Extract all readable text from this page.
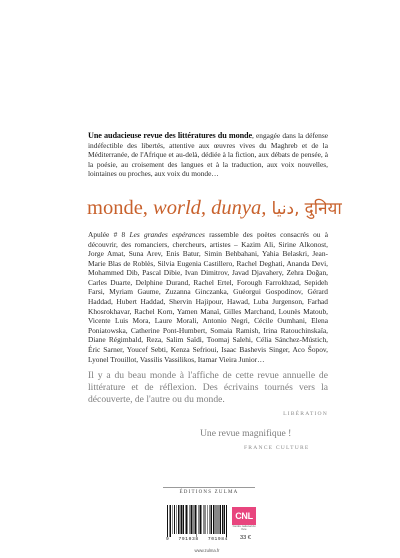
Une audacieuse revue des littératures du monde, engagée dans la défense indéfectible des libertés, attentive aux œuvres vives du Maghreb et de la Méditerranée, de l'Afrique et au-delà, dédiée à la fiction, aux débats de pensée, à la poésie, au croisement des langues et à la traduction, aux voix nouvelles, lointaines ou proches, aux voix du monde…

monde, world, dunya, دنيا, दुनिया

Apulée # 8 Les grandes espérances rassemble des poètes consacrés ou à découvrir, des romanciers, chercheurs, artistes – Kazim Ali, Sirine Alkonost, Jorge Amat, Suna Arev, Enis Batur, Simin Behbahani, Yahia Belaskri, Jean-Marie Blas de Roblès, Silvia Eugenia Castillero, Rachel Deghati, Ananda Devi, Mohammed Dib, Pascal Dibie, Ivan Dimitrov, Javad Djavahery, Zehra Doğan, Carles Duarte, Delphine Durand, Rachel Ertel, Forough Farrokhzad, Sepideh Farsi, Myriam Gaume, Zuzanna Ginczanka, Guéorgui Gospodinov, Gérard Haddad, Hubert Haddad, Shervin Hajipour, Hawad, Luba Jurgenson, Farhad Khosrokhavar, Rachel Korn, Yamen Manaï, Gilles Marchand, Lounès Matoub, Vicente Luis Mora, Laure Morali, Antonio Negri, Cécile Oumhani, Elena Poniatowska, Catherine Pont-Humbert, Somaia Ramish, Irina Ratouchinskaïa, Diane Régimbald, Reza, Salim Saïdi, Toomaj Salehi, Célia Sánchez-Mústich, Éric Sarner, Youcef Sebti, Kenza Sefrioui, Isaac Bashevis Singer, Aco Šopov, Lyonel Trouillot, Vassilis Vassilikos, Itamar Vieira Junior…

Il y a du beau monde à l'affiche de cette revue annuelle de littérature et de réflexion. Des écrivains tournés vers la découverte, de l'autre ou du monde.

LIBÉRATION
Une revue magnifique !
FRANCE CULTURE
ÉDITIONS ZULMA
9 791038 701984
CNL
Centre national du livre
33 €
www.zulma.fr
